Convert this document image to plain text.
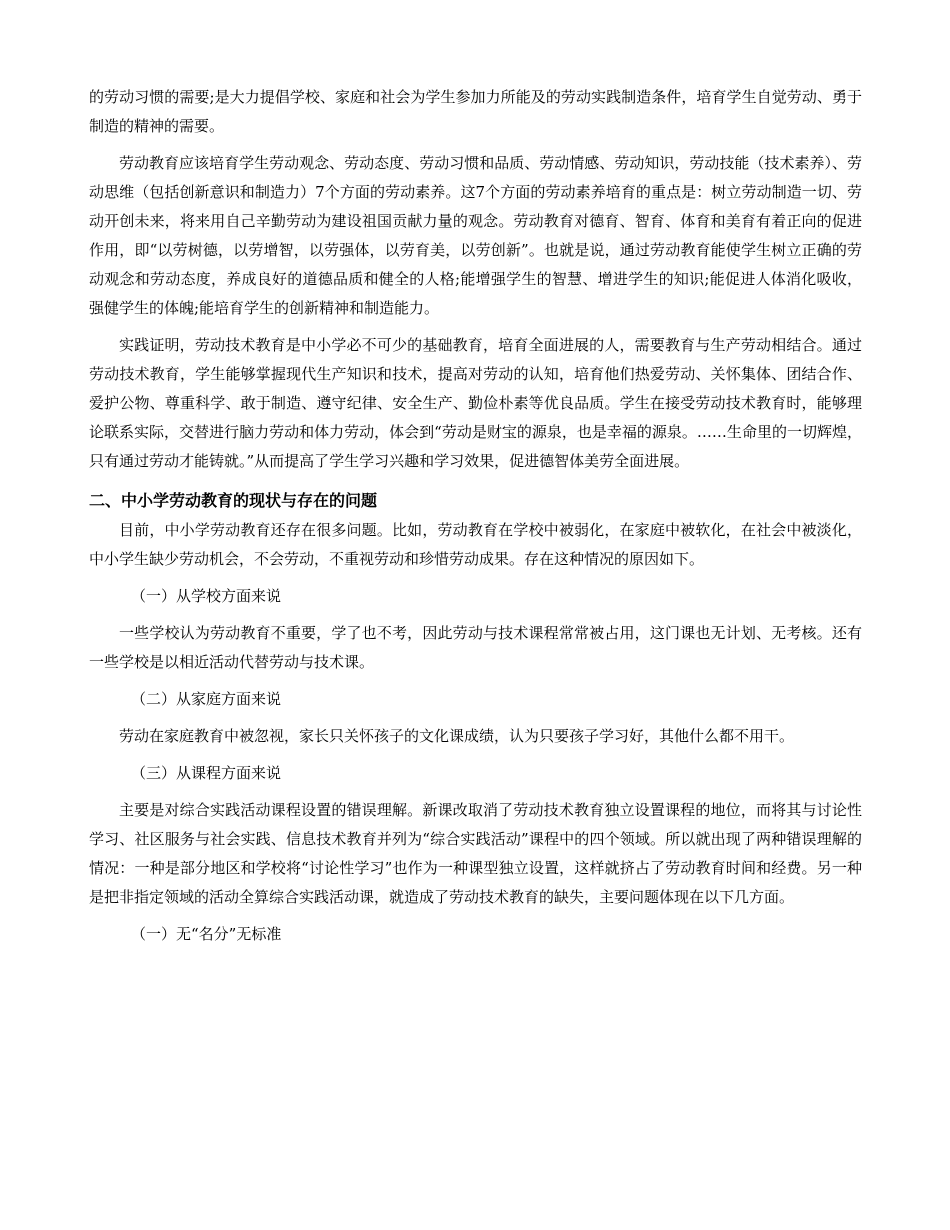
的劳动习惯的需要;是大力提倡学校、家庭和社会为学生参加力所能及的劳动实践制造条件，培育学生自觉劳动、勇于制造的精神的需要。

劳动教育应该培育学生劳动观念、劳动态度、劳动习惯和品质、劳动情感、劳动知识，劳动技能（技术素养）、劳动思维（包括创新意识和制造力）7个方面的劳动素养。这7个方面的劳动素养培育的重点是：树立劳动制造一切、劳动开创未来，将来用自己辛勤劳动为建设祖国贡献力量的观念。劳动教育对德育、智育、体育和美育有着正向的促进作用，即“以劳树德，以劳增智，以劳强体，以劳育美，以劳创新”。也就是说，通过劳动教育能使学生树立正确的劳动观念和劳动态度，养成良好的道德品质和健全的人格;能增强学生的智慧、增进学生的知识;能促进人体消化吸收，强健学生的体魄;能培育学生的创新精神和制造能力。

实践证明，劳动技术教育是中小学必不可少的基础教育，培育全面进展的人，需要教育与生产劳动相结合。通过劳动技术教育，学生能够掌握现代生产知识和技术，提高对劳动的认知，培育他们热爱劳动、关怀集体、团结合作、爱护公物、尊重科学、敢于制造、遵守纪律、安全生产、勤俭朴素等优良品质。学生在接受劳动技术教育时，能够理论联系实际，交替进行脑力劳动和体力劳动，体会到“劳动是财宝的源泉，也是幸福的源泉。……生命里的一切辉煌，只有通过劳动才能铸就。”从而提高了学生学习兴趣和学习效果，促进德智体美劳全面进展。

二、中小学劳动教育的现状与存在的问题

目前，中小学劳动教育还存在很多问题。比如，劳动教育在学校中被弱化，在家庭中被软化，在社会中被淡化，中小学生缺少劳动机会，不会劳动，不重视劳动和珍惜劳动成果。存在这种情况的原因如下。

（一）从学校方面来说

一些学校认为劳动教育不重要，学了也不考，因此劳动与技术课程常常被占用，这门课也无计划、无考核。还有一些学校是以相近活动代替劳动与技术课。

（二）从家庭方面来说

劳动在家庭教育中被忽视，家长只关怀孩子的文化课成绩，认为只要孩子学习好，其他什么都不用干。

（三）从课程方面来说

主要是对综合实践活动课程设置的错误理解。新课改取消了劳动技术教育独立设置课程的地位，而将其与讨论性学习、社区服务与社会实践、信息技术教育并列为“综合实践活动”课程中的四个领域。所以就出现了两种错误理解的情况：一种是部分地区和学校将“讨论性学习”也作为一种课型独立设置，这样就挤占了劳动教育时间和经费。另一种是把非指定领域的活动全算综合实践活动课，就造成了劳动技术教育的缺失，主要问题体现在以下几方面。

（一）无“名分”无标准
